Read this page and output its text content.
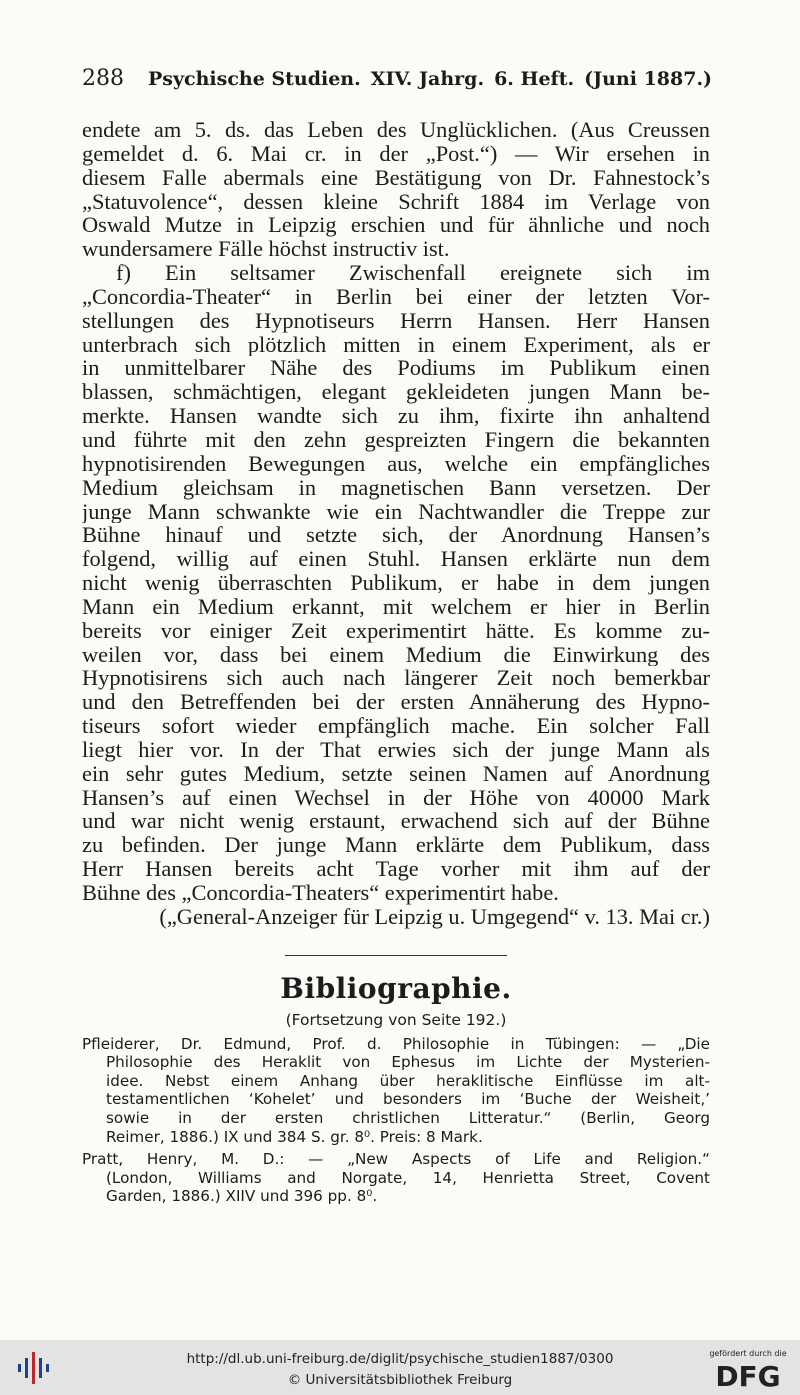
288 Psychische Studien. XIV. Jahrg. 6. Heft. (Juni 1887.)
endete am 5. ds. das Leben des Unglücklichen. (Aus Creussen
gemeldet d. 6. Mai cr. in der „Post.“) — Wir ersehen in
diesem Falle abermals eine Bestätigung von Dr. Fahnestock’s
„Statuvolence“, dessen kleine Schrift 1884 im Verlage von
Oswald Mutze in Leipzig erschien und für ähnliche und noch
wundersamere Fälle höchst instructiv ist.
f) Ein seltsamer Zwischenfall ereignete sich im
„Concordia-Theater“ in Berlin bei einer der letzten Vor-
stellungen des Hypnotiseurs Herrn Hansen. Herr Hansen
unterbrach sich plötzlich mitten in einem Experiment, als er
in unmittelbarer Nähe des Podiums im Publikum einen
blassen, schmächtigen, elegant gekleideten jungen Mann be-
merkte. Hansen wandte sich zu ihm, fixirte ihn anhaltend
und führte mit den zehn gespreizten Fingern die bekannten
hypnotisirenden Bewegungen aus, welche ein empfängliches
Medium gleichsam in magnetischen Bann versetzen. Der
junge Mann schwankte wie ein Nachtwandler die Treppe zur
Bühne hinauf und setzte sich, der Anordnung Hansen’s
folgend, willig auf einen Stuhl. Hansen erklärte nun dem
nicht wenig überraschten Publikum, er habe in dem jungen
Mann ein Medium erkannt, mit welchem er hier in Berlin
bereits vor einiger Zeit experimentirt hätte. Es komme zu-
weilen vor, dass bei einem Medium die Einwirkung des
Hypnotisirens sich auch nach längerer Zeit noch bemerkbar
und den Betreffenden bei der ersten Annäherung des Hypno-
tiseurs sofort wieder empfänglich mache. Ein solcher Fall
liegt hier vor. In der That erwies sich der junge Mann als
ein sehr gutes Medium, setzte seinen Namen auf Anordnung
Hansen’s auf einen Wechsel in der Höhe von 40000 Mark
und war nicht wenig erstaunt, erwachend sich auf der Bühne
zu befinden. Der junge Mann erklärte dem Publikum, dass
Herr Hansen bereits acht Tage vorher mit ihm auf der
Bühne des „Concordia-Theaters“ experimentirt habe.
(„General-Anzeiger für Leipzig u. Umgegend“ v. 13. Mai cr.)
Bibliographie.
(Fortsetzung von Seite 192.)
Pfleiderer, Dr. Edmund, Prof. d. Philosophie in Tübingen: — „Die
Philosophie des Heraklit von Ephesus im Lichte der Mysterien-
idee. Nebst einem Anhang über heraklitische Einflüsse im alt-
testamentlichen ‘Kohelet’ und besonders im ‘Buche der Weisheit,’
sowie in der ersten christlichen Litteratur.“ (Berlin, Georg
Reimer, 1886.) IX und 384 S. gr. 8⁰. Preis: 8 Mark.
Pratt, Henry, M. D.: — „New Aspects of Life and Religion.“
(London, Williams and Norgate, 14, Henrietta Street, Covent
Garden, 1886.) XIIV und 396 pp. 8⁰.
http://dl.ub.uni-freiburg.de/diglit/psychische_studien1887/0300
© Universitätsbibliothek Freiburg
gefördert durch die
DFG
